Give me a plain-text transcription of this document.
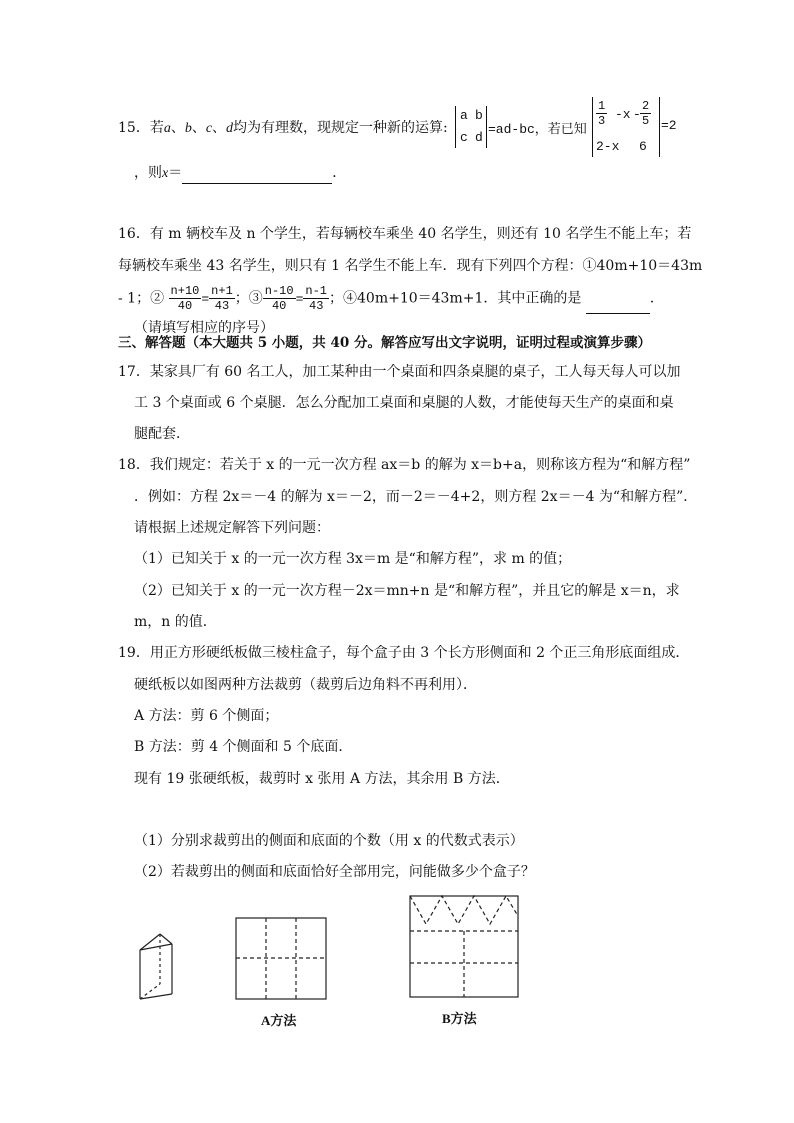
15．若a、b、c、d均为有理数，现规定一种新的运算:
a b
c d
=ad-bc，若已知
$\frac{1}{3} -x - \frac{2}{5}$
2-x 6
=2
，则x＝	．
16．有 m 辆校车及 n 个学生，若每辆校车乘坐 40 名学生，则还有 10 名学生不能上车；若
每辆校车乘坐 43 名学生，则只有 1 名学生不能上车．现有下列四个方程：①40m+10＝43m
- 1；② $\frac{n+10}{40} = \frac{n+1}{43}$ ；③ $\frac{n-10}{40} = \frac{n-1}{43}$ ；④40m+10＝43m+1．其中正确的是	．
（请填写相应的序号）
三、解答题（本大题共 5 小题，共 40 分。解答应写出文字说明，证明过程或演算步骤）
17．某家具厂有 60 名工人，加工某种由一个桌面和四条桌腿的桌子，工人每天每人可以加
工 3 个桌面或 6 个桌腿．怎么分配加工桌面和桌腿的人数，才能使每天生产的桌面和桌
腿配套．
18．我们规定：若关于 x 的一元一次方程 ax＝b 的解为 x＝b+a，则称该方程为“和解方程”
．例如：方程 2x＝－4 的解为 x＝－2，而－2＝－4+2，则方程 2x＝－4 为“和解方程”．
请根据上述规定解答下列问题：
（1）已知关于 x 的一元一次方程 3x＝m 是“和解方程”，求 m 的值；
（2）已知关于 x 的一元一次方程－2x＝mn+n 是“和解方程”，并且它的解是 x＝n，求
m，n 的值．
19．用正方形硬纸板做三棱柱盒子，每个盒子由 3 个长方形侧面和 2 个正三角形底面组成．
硬纸板以如图两种方法裁剪（裁剪后边角料不再利用）．
A 方法：剪 6 个侧面；
B 方法：剪 4 个侧面和 5 个底面．
现有 19 张硬纸板，裁剪时 x 张用 A 方法，其余用 B 方法．
（1）分别求裁剪出的侧面和底面的个数（用 x 的代数式表示）
（2）若裁剪出的侧面和底面恰好全部用完，问能做多少个盒子？
A方法	B方法
